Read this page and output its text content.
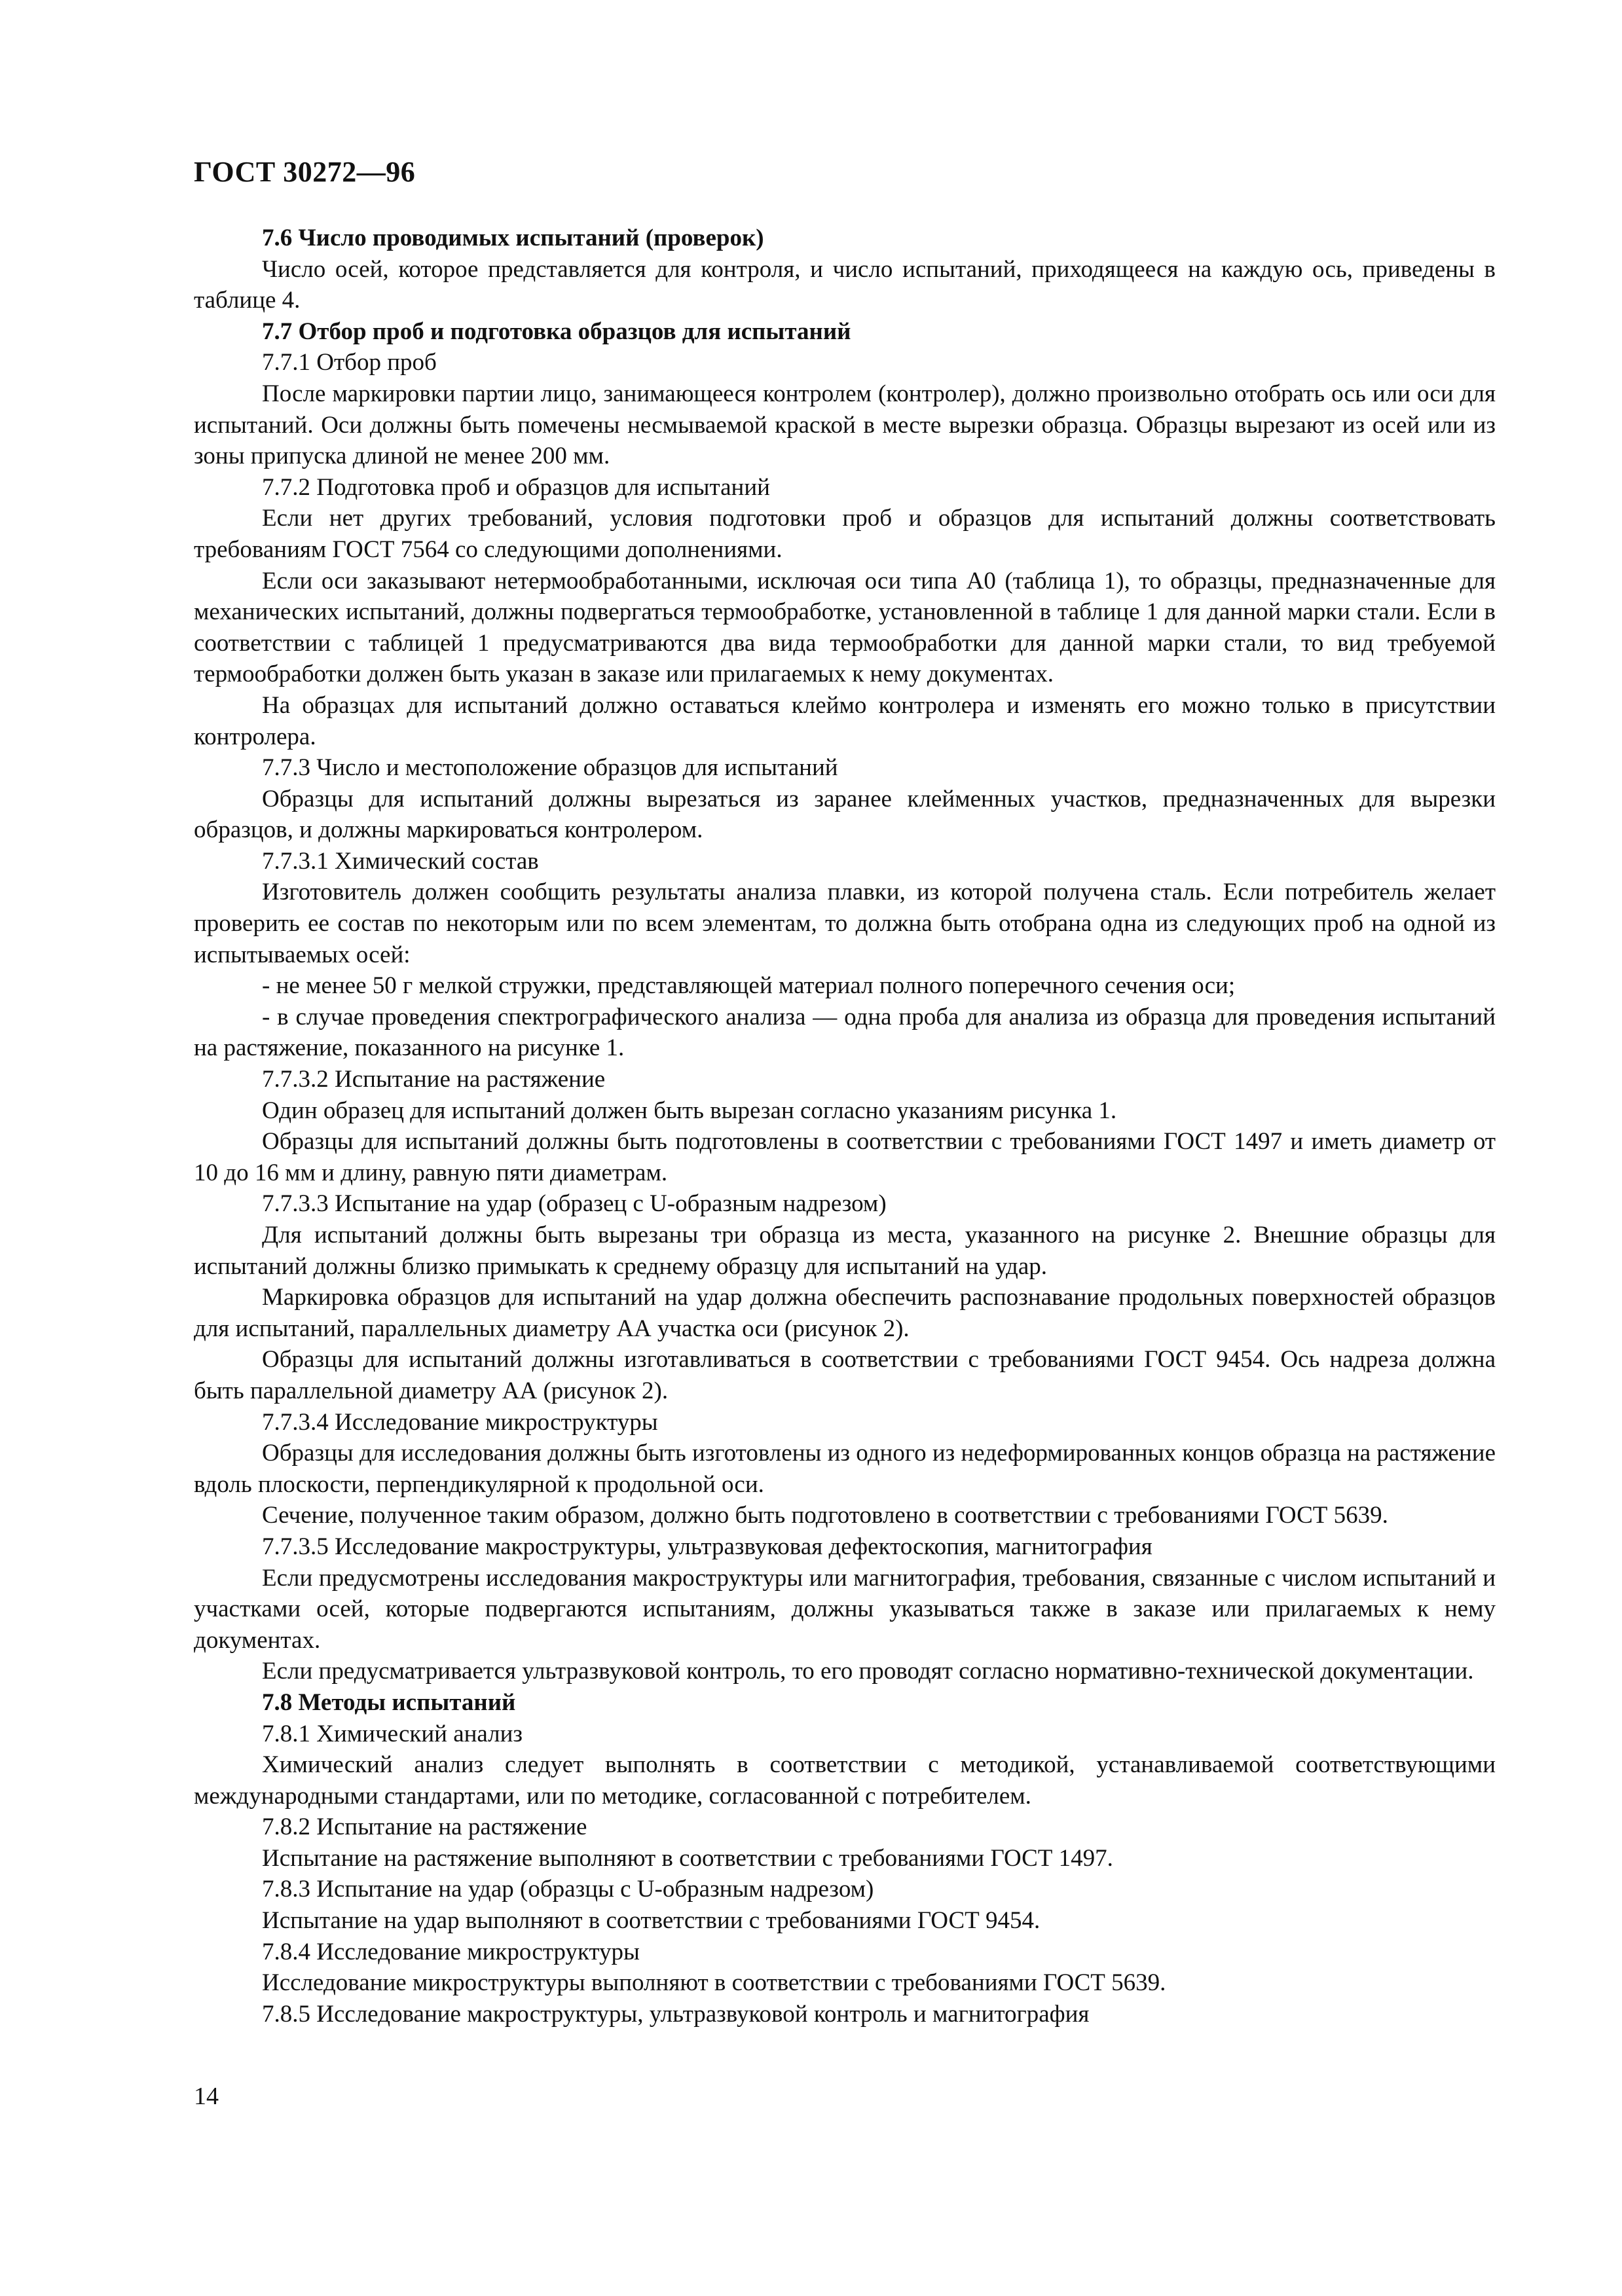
ГОСТ 30272—96

7.6 Число проводимых испытаний (проверок)

Число осей, которое представляется для контроля, и число испытаний, приходящееся на каждую ось, приведены в таблице 4.

7.7 Отбор проб и подготовка образцов для испытаний

7.7.1 Отбор проб

После маркировки партии лицо, занимающееся контролем (контролер), должно произвольно отобрать ось или оси для испытаний. Оси должны быть помечены несмываемой краской в месте вырезки образца. Образцы вырезают из осей или из зоны припуска длиной не менее 200 мм.

7.7.2 Подготовка проб и образцов для испытаний

Если нет других требований, условия подготовки проб и образцов для испытаний должны соответствовать требованиям ГОСТ 7564 со следующими дополнениями.

Если оси заказывают нетермообработанными, исключая оси типа А0 (таблица 1), то образцы, предназначенные для механических испытаний, должны подвергаться термообработке, установленной в таблице 1 для данной марки стали. Если в соответствии с таблицей 1 предусматриваются два вида термообработки для данной марки стали, то вид требуемой термообработки должен быть указан в заказе или прилагаемых к нему документах.

На образцах для испытаний должно оставаться клеймо контролера и изменять его можно только в присутствии контролера.

7.7.3 Число и местоположение образцов для испытаний

Образцы для испытаний должны вырезаться из заранее клейменных участков, предназначенных для вырезки образцов, и должны маркироваться контролером.

7.7.3.1 Химический состав

Изготовитель должен сообщить результаты анализа плавки, из которой получена сталь. Если потребитель желает проверить ее состав по некоторым или по всем элементам, то должна быть отобрана одна из следующих проб на одной из испытываемых осей:

- не менее 50 г мелкой стружки, представляющей материал полного поперечного сечения оси;

- в случае проведения спектрографического анализа — одна проба для анализа из образца для проведения испытаний на растяжение, показанного на рисунке 1.

7.7.3.2 Испытание на растяжение

Один образец для испытаний должен быть вырезан согласно указаниям рисунка 1.

Образцы для испытаний должны быть подготовлены в соответствии с требованиями ГОСТ 1497 и иметь диаметр от 10 до 16 мм и длину, равную пяти диаметрам.

7.7.3.3 Испытание на удар (образец с U-образным надрезом)

Для испытаний должны быть вырезаны три образца из места, указанного на рисунке 2. Внешние образцы для испытаний должны близко примыкать к среднему образцу для испытаний на удар.

Маркировка образцов для испытаний на удар должна обеспечить распознавание продольных поверхностей образцов для испытаний, параллельных диаметру АА участка оси (рисунок 2).

Образцы для испытаний должны изготавливаться в соответствии с требованиями ГОСТ 9454. Ось надреза должна быть параллельной диаметру АА (рисунок 2).

7.7.3.4 Исследование микроструктуры

Образцы для исследования должны быть изготовлены из одного из недеформированных концов образца на растяжение вдоль плоскости, перпендикулярной к продольной оси.

Сечение, полученное таким образом, должно быть подготовлено в соответствии с требованиями ГОСТ 5639.

7.7.3.5 Исследование макроструктуры, ультразвуковая дефектоскопия, магнитография

Если предусмотрены исследования макроструктуры или магнитография, требования, связанные с числом испытаний и участками осей, которые подвергаются испытаниям, должны указываться также в заказе или прилагаемых к нему документах.

Если предусматривается ультразвуковой контроль, то его проводят согласно нормативно-технической документации.

7.8 Методы испытаний

7.8.1 Химический анализ

Химический анализ следует выполнять в соответствии с методикой, устанавливаемой соответствующими международными стандартами, или по методике, согласованной с потребителем.

7.8.2 Испытание на растяжение

Испытание на растяжение выполняют в соответствии с требованиями ГОСТ 1497.

7.8.3 Испытание на удар (образцы с U-образным надрезом)

Испытание на удар выполняют в соответствии с требованиями ГОСТ 9454.

7.8.4 Исследование микроструктуры

Исследование микроструктуры выполняют в соответствии с требованиями ГОСТ 5639.

7.8.5 Исследование макроструктуры, ультразвуковой контроль и магнитография

14
